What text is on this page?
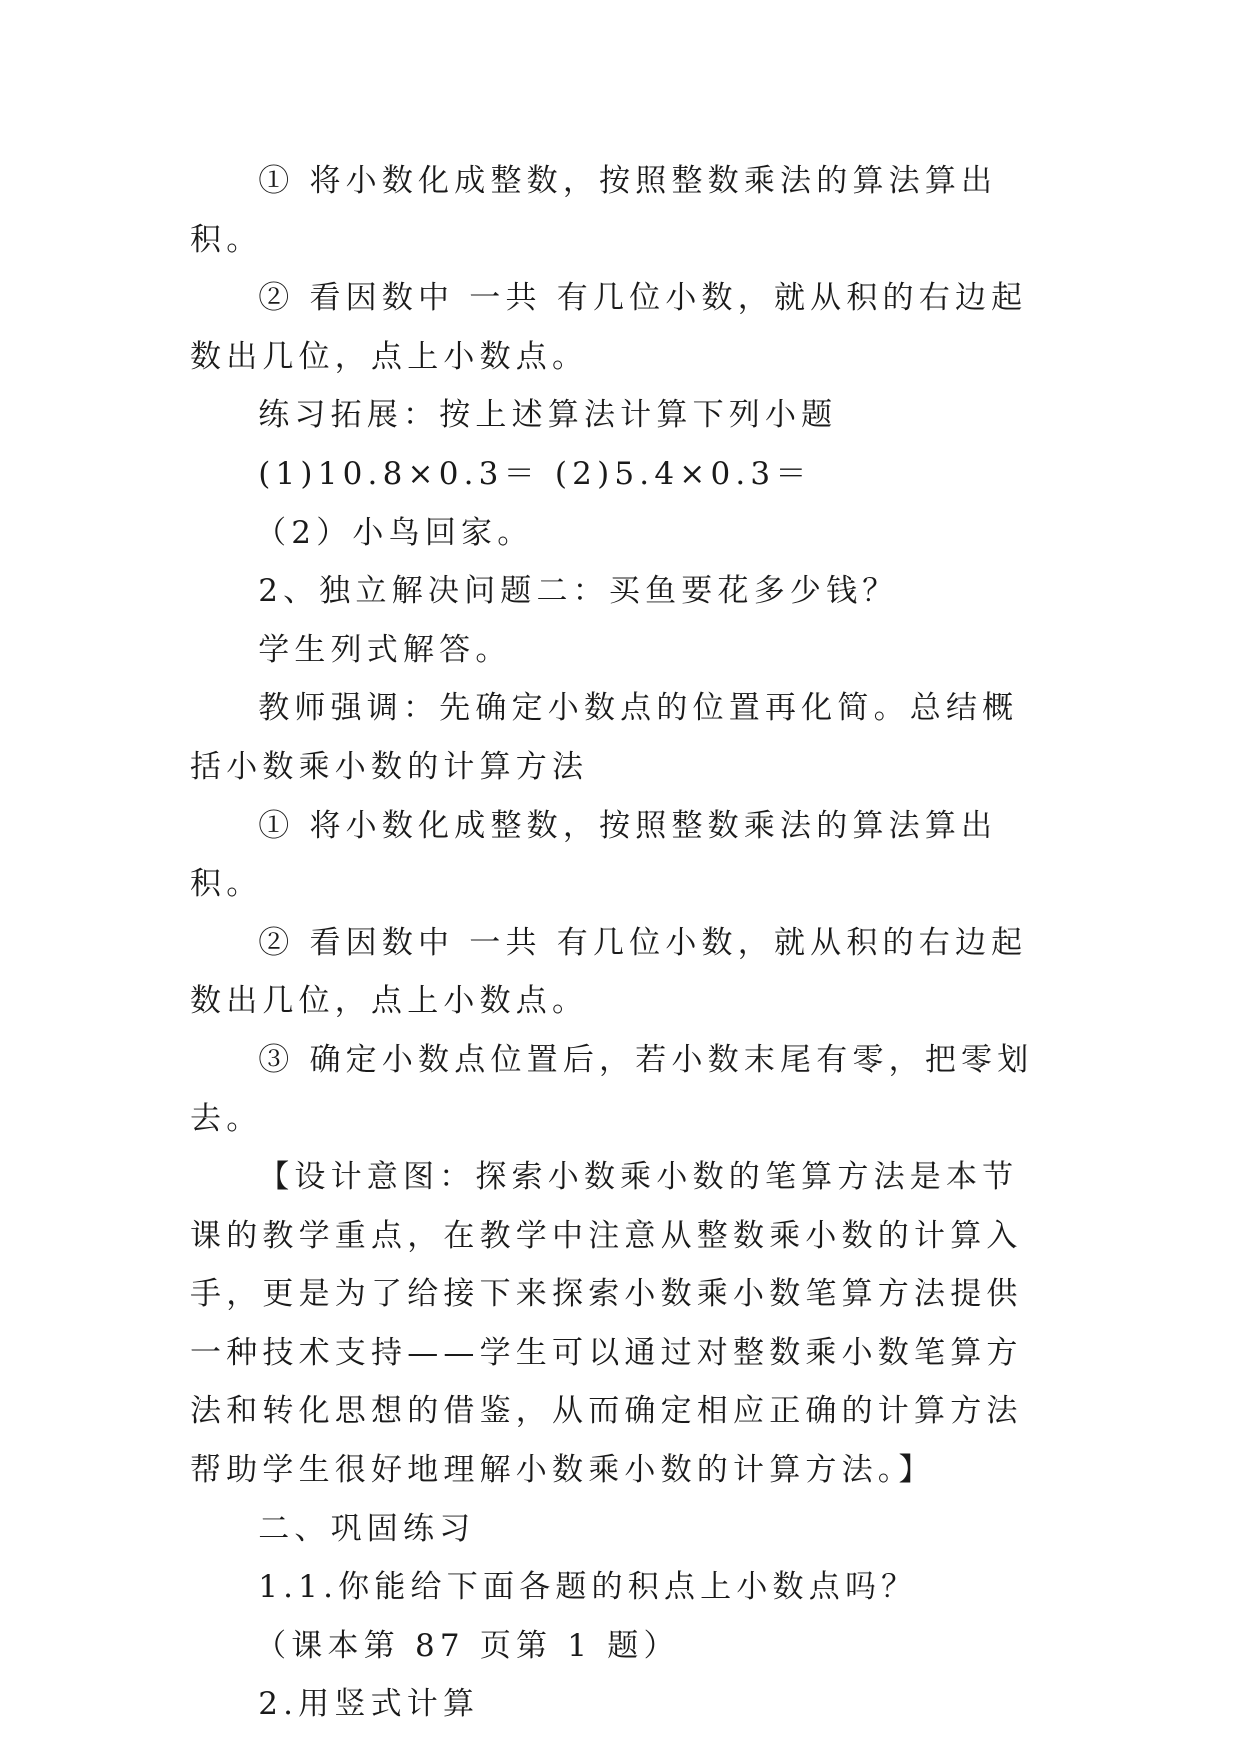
① 将小数化成整数，按照整数乘法的算法算出积。

② 看因数中 一共 有几位小数，就从积的右边起数出几位，点上小数点。

练习拓展：按上述算法计算下列小题

(1)10.8×0.3＝ (2)5.4×0.3＝

（2）小鸟回家。

2、独立解决问题二：买鱼要花多少钱？

学生列式解答。

教师强调：先确定小数点的位置再化简。总结概括小数乘小数的计算方法

① 将小数化成整数，按照整数乘法的算法算出积。

② 看因数中 一共 有几位小数，就从积的右边起数出几位，点上小数点。

③ 确定小数点位置后，若小数末尾有零，把零划去。

【设计意图：探索小数乘小数的笔算方法是本节课的教学重点，在教学中注意从整数乘小数的计算入手，更是为了给接下来探索小数乘小数笔算方法提供一种技术支持——学生可以通过对整数乘小数笔算方法和转化思想的借鉴，从而确定相应正确的计算方法帮助学生很好地理解小数乘小数的计算方法。】

二、巩固练习

1.1.你能给下面各题的积点上小数点吗？

（课本第 87 页第 1 题）

2.用竖式计算
